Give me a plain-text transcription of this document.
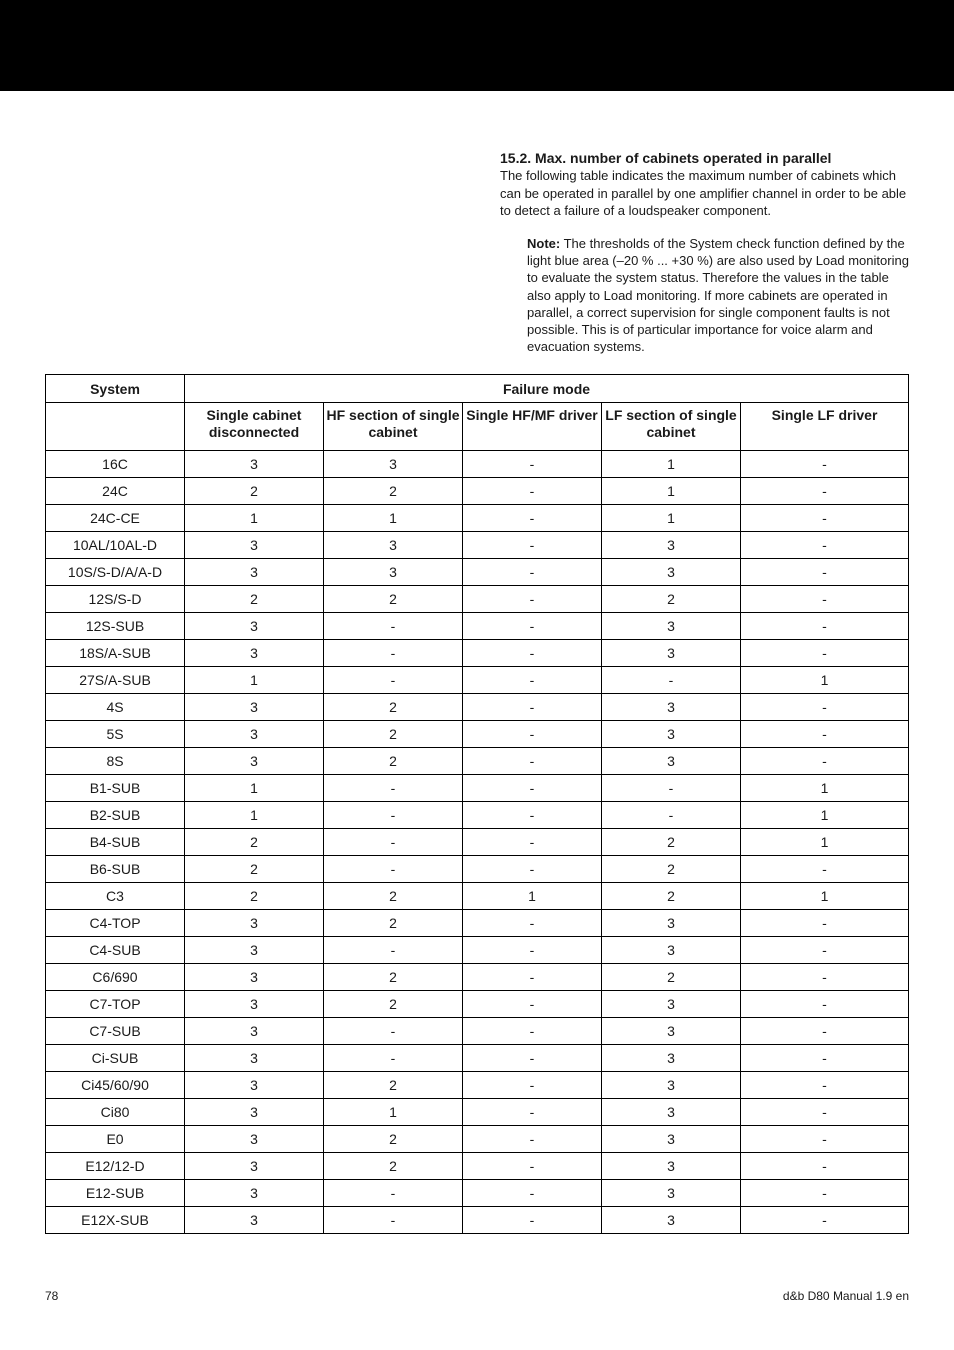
15.2. Max. number of cabinets operated in parallel

The following table indicates the maximum number of cabinets which can be operated in parallel by one amplifier channel in order to be able to detect a failure of a loudspeaker component.

Note: The thresholds of the System check function defined by the light blue area (–20 % ... +30 %) are also used by Load monitoring to evaluate the system status. Therefore the values in the table also apply to Load monitoring. If more cabinets are operated in parallel, a correct supervision for single component faults is not possible. This is of particular importance for voice alarm and evacuation systems.

System	Failure mode				
	Single cabinet disconnected	HF section of single cabinet	Single HF/MF driver	LF section of single cabinet	Single LF driver
16C	3	3	-	1	-
24C	2	2	-	1	-
24C-CE	1	1	-	1	-
10AL/10AL-D	3	3	-	3	-
10S/S-D/A/A-D	3	3	-	3	-
12S/S-D	2	2	-	2	-
12S-SUB	3	-	-	3	-
18S/A-SUB	3	-	-	3	-
27S/A-SUB	1	-	-	-	1
4S	3	2	-	3	-
5S	3	2	-	3	-
8S	3	2	-	3	-
B1-SUB	1	-	-	-	1
B2-SUB	1	-	-	-	1
B4-SUB	2	-	-	2	1
B6-SUB	2	-	-	2	-
C3	2	2	1	2	1
C4-TOP	3	2	-	3	-
C4-SUB	3	-	-	3	-
C6/690	3	2	-	2	-
C7-TOP	3	2	-	3	-
C7-SUB	3	-	-	3	-
Ci-SUB	3	-	-	3	-
Ci45/60/90	3	2	-	3	-
Ci80	3	1	-	3	-
E0	3	2	-	3	-
E12/12-D	3	2	-	3	-
E12-SUB	3	-	-	3	-
E12X-SUB	3	-	-	3	-
78	d&b D80 Manual 1.9 en
